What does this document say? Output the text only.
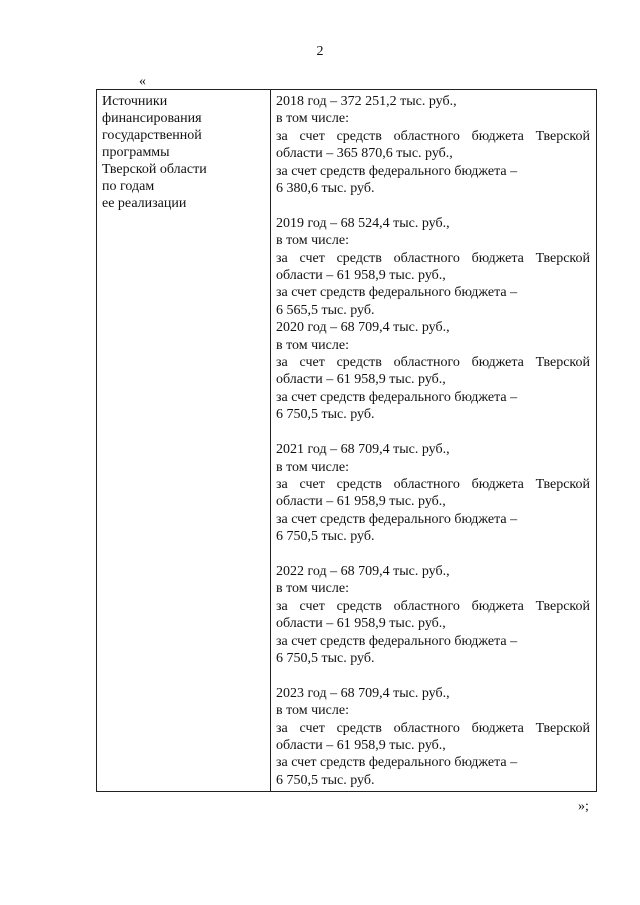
2
«
Источники
финансирования
государственной
программы
Тверской области
по годам
ее реализации
2018 год – 372 251,2 тыс. руб.,
в том числе:
за счет средств областного бюджета Тверской
области – 365 870,6 тыс. руб.,
за счет средств федерального бюджета –
6 380,6 тыс. руб.
2019 год – 68 524,4 тыс. руб.,
в том числе:
за счет средств областного бюджета Тверской
области – 61 958,9 тыс. руб.,
за счет средств федерального бюджета –
6 565,5 тыс. руб.
2020 год – 68 709,4 тыс. руб.,
в том числе:
за счет средств областного бюджета Тверской
области – 61 958,9 тыс. руб.,
за счет средств федерального бюджета –
6 750,5 тыс. руб.
2021 год – 68 709,4 тыс. руб.,
в том числе:
за счет средств областного бюджета Тверской
области – 61 958,9 тыс. руб.,
за счет средств федерального бюджета –
6 750,5 тыс. руб.
2022 год – 68 709,4 тыс. руб.,
в том числе:
за счет средств областного бюджета Тверской
области – 61 958,9 тыс. руб.,
за счет средств федерального бюджета –
6 750,5 тыс. руб.
2023 год – 68 709,4 тыс. руб.,
в том числе:
за счет средств областного бюджета Тверской
области – 61 958,9 тыс. руб.,
за счет средств федерального бюджета –
6 750,5 тыс. руб.
»;
